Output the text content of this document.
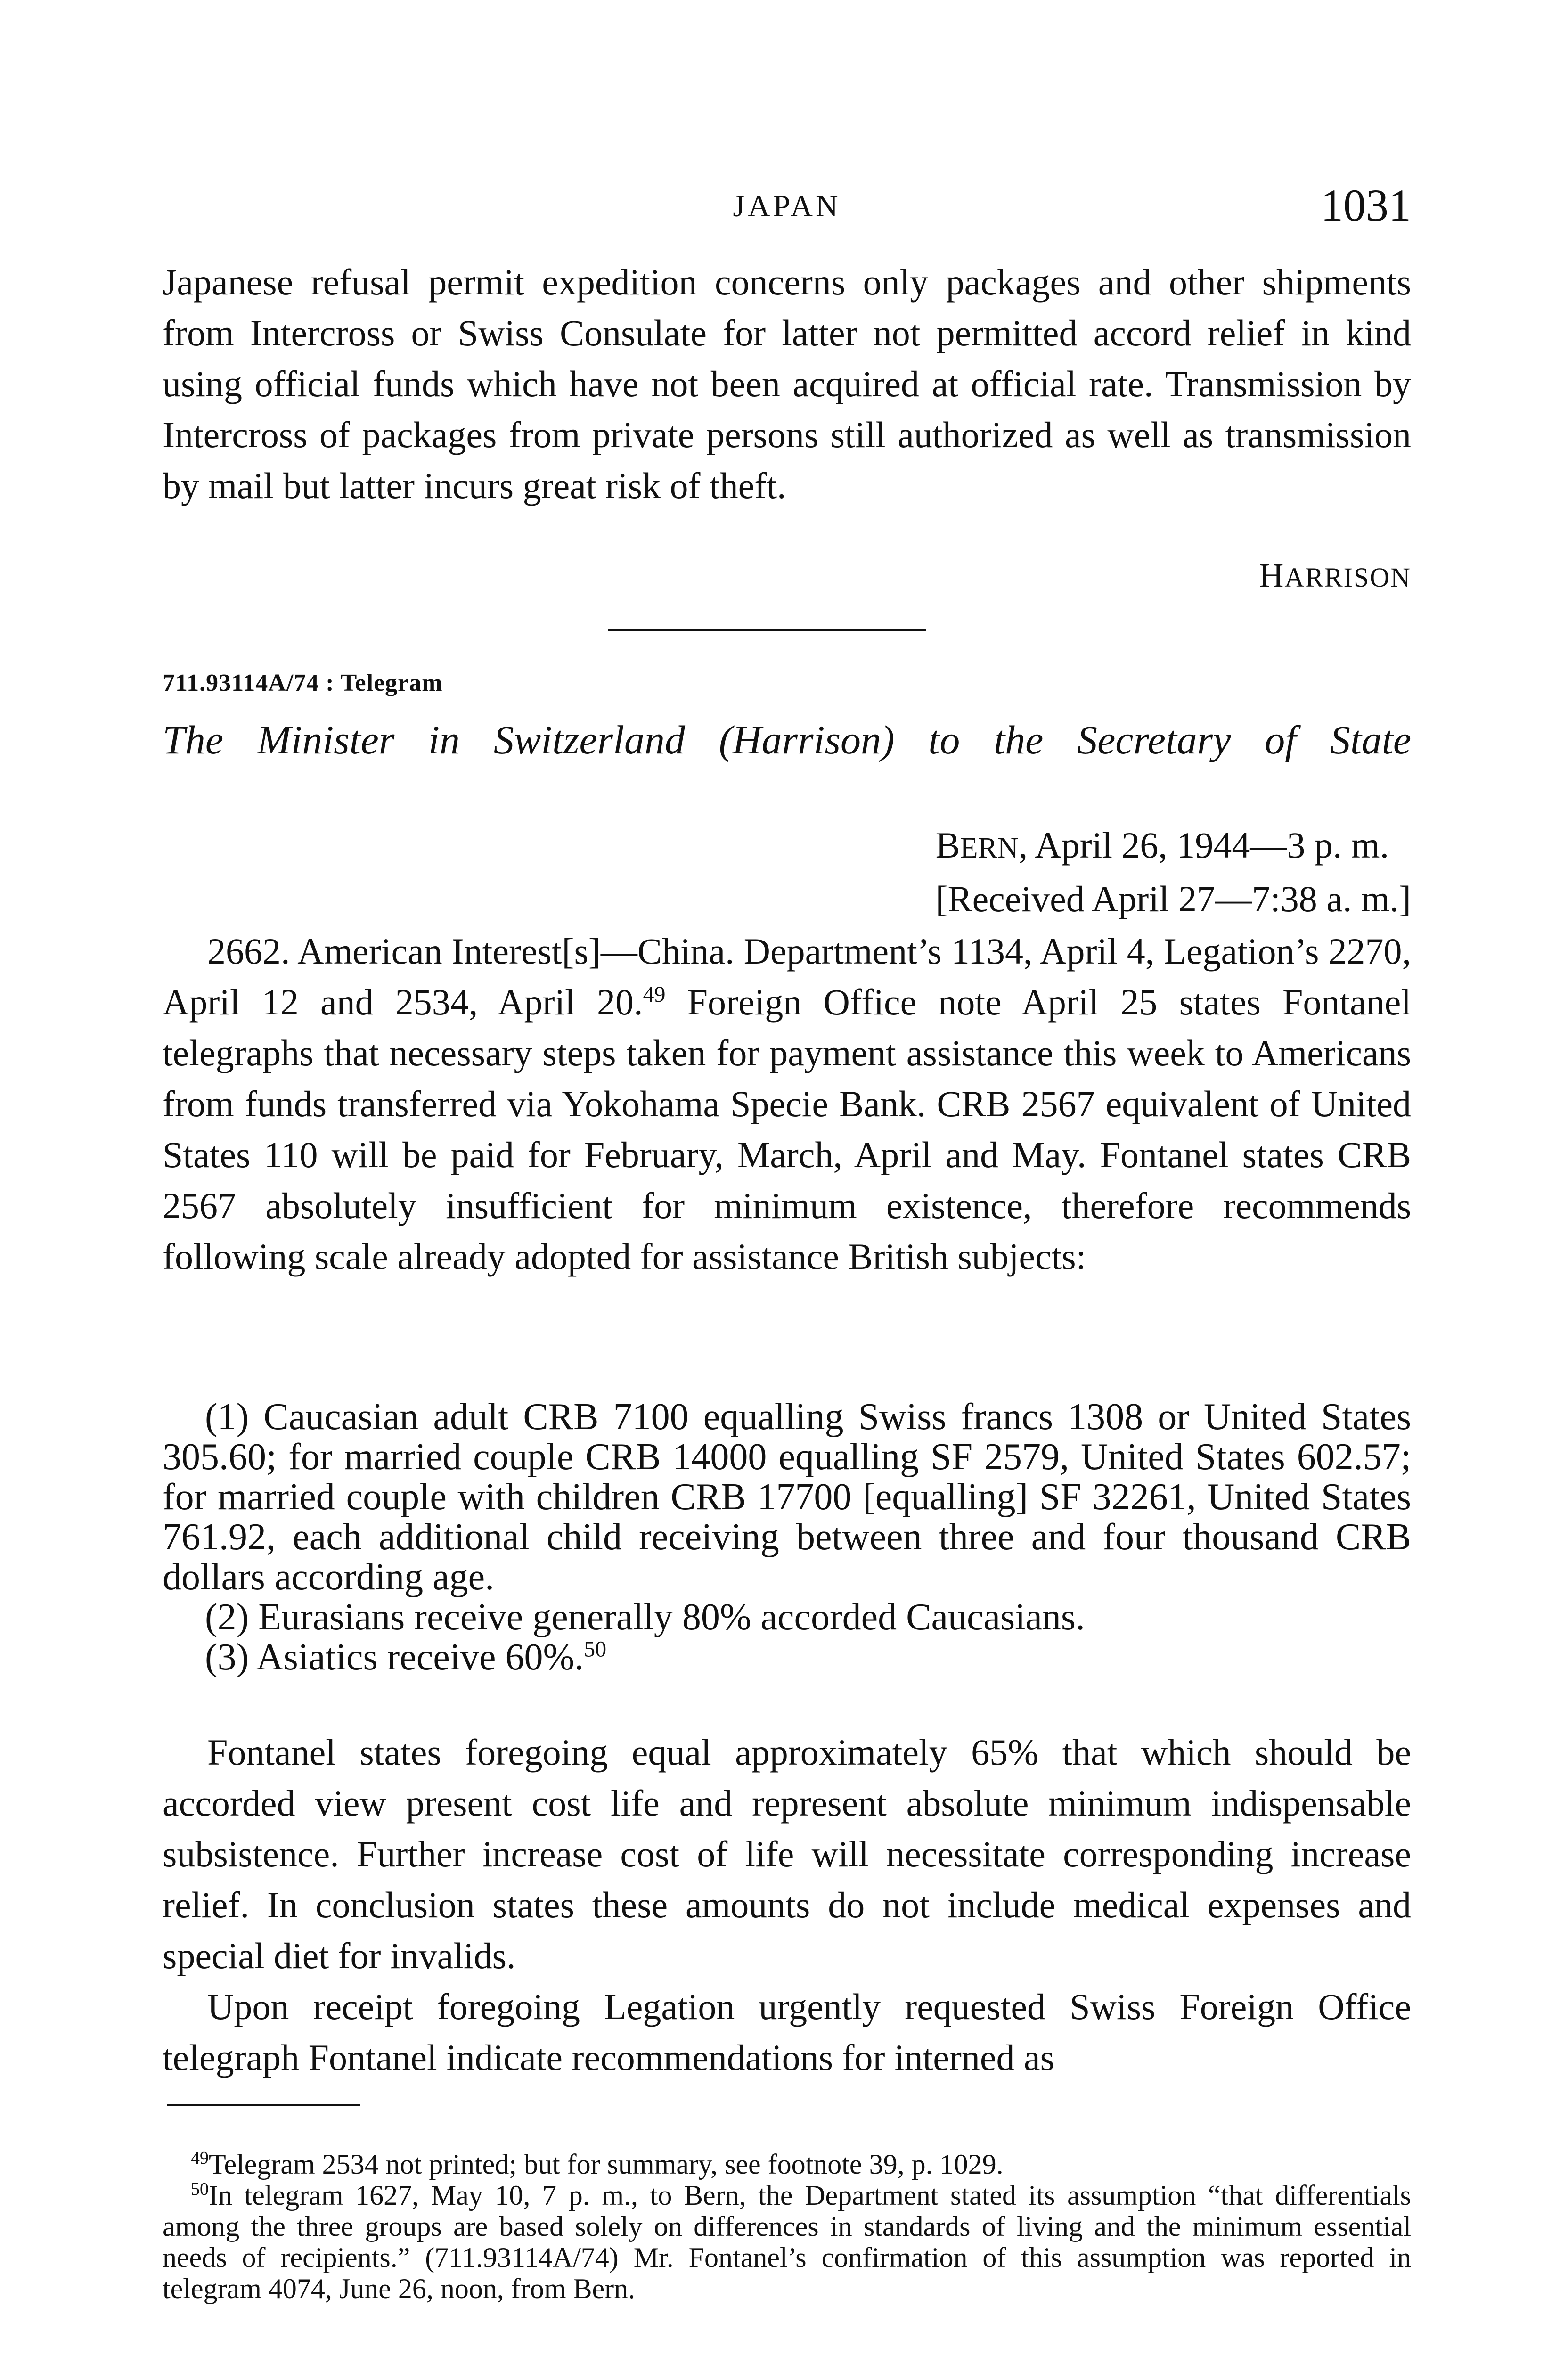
JAPAN	1031

Japanese refusal permit expedition concerns only packages and other shipments from Intercross or Swiss Consulate for latter not permitted accord relief in kind using official funds which have not been acquired at official rate. Transmission by Intercross of packages from private persons still authorized as well as transmission by mail but latter incurs great risk of theft.

HARRISON
711.93114A/74 : Telegram
The Minister in Switzerland (Harrison) to the Secretary of State
BERN, April 26, 1944—3 p. m.
[Received April 27—7:38 a. m.]

2662. American Interest[s]—China. Department’s 1134, April 4, Legation’s 2270, April 12 and 2534, April 20.49 Foreign Office note April 25 states Fontanel telegraphs that necessary steps taken for payment assistance this week to Americans from funds transferred via Yokohama Specie Bank. CRB 2567 equivalent of United States 110 will be paid for February, March, April and May. Fontanel states CRB 2567 absolutely insufficient for minimum existence, therefore recommends following scale already adopted for assistance British subjects:

(1) Caucasian adult CRB 7100 equalling Swiss francs 1308 or United States 305.60; for married couple CRB 14000 equalling SF 2579, United States 602.57; for married couple with children CRB 17700 [equalling] SF 32261, United States 761.92, each additional child receiving between three and four thousand CRB dollars according age.

(2) Eurasians receive generally 80% accorded Caucasians.

(3) Asiatics receive 60%.$^{50}$

Fontanel states foregoing equal approximately 65% that which should be accorded view present cost life and represent absolute minimum indispensable subsistence. Further increase cost of life will necessitate corresponding increase relief. In conclusion states these amounts do not include medical expenses and special diet for invalids.

Upon receipt foregoing Legation urgently requested Swiss Foreign Office telegraph Fontanel indicate recommendations for interned as

$^{49}$Telegram 2534 not printed; but for summary, see footnote 39, p. 1029.

$^{50}$In telegram 1627, May 10, 7 p. m., to Bern, the Department stated its assumption “that differentials among the three groups are based solely on differences in standards of living and the minimum essential needs of recipients.” (711.93114A/74) Mr. Fontanel’s confirmation of this assumption was reported in telegram 4074, June 26, noon, from Bern.
